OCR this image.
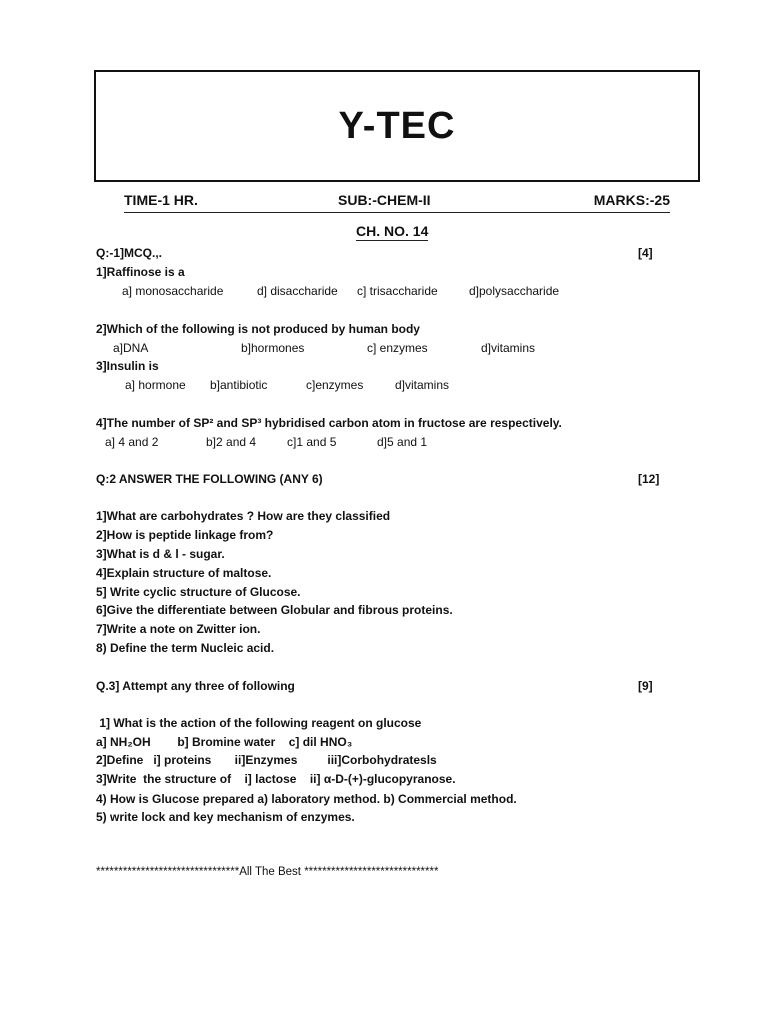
Y-TEC
TIME-1 HR.	SUB:-CHEM-II	MARKS:-25
CH. NO. 14
Q:-1]MCQ.,.	[4]
1]Raffinose is a
a] monosaccharide	d] disaccharide c] trisaccharide	d]polysaccharide
2]Which of the following is not produced by human body
a]DNA	b]hormones	c] enzymes	d]vitamins
3]Insulin is
a] hormone b]antibiotic	c]enzymes	d]vitamins
4]The number of SP² and SP³ hybridised carbon atom in fructose are respectively.
a] 4 and 2	b]2 and 4	c]1 and 5	d]5 and 1
Q:2 ANSWER THE FOLLOWING (ANY 6)	[12]
1]What are carbohydrates ? How are they classified
2]How is peptide linkage from?
3]What is d & l - sugar.
4]Explain structure of maltose.
5] Write cyclic structure of Glucose.
6]Give the differentiate between Globular and fibrous proteins.
7]Write a note on Zwitter ion.
8) Define the term Nucleic acid.
Q.3] Attempt any three of following	[9]
1] What is the action of the following reagent on glucose
a] NH₂OH        b] Bromine water    c] dil HNO₃
2]Define   i] proteins       ii]Enzymes         iii]Corbohydratesls
3]Write  the structure of    i] lactose    ii] α-D-(+)-glucopyranose.
4) How is Glucose prepared a) laboratory method. b) Commercial method.
5) write lock and key mechanism of enzymes.
********************************All The Best ******************************
